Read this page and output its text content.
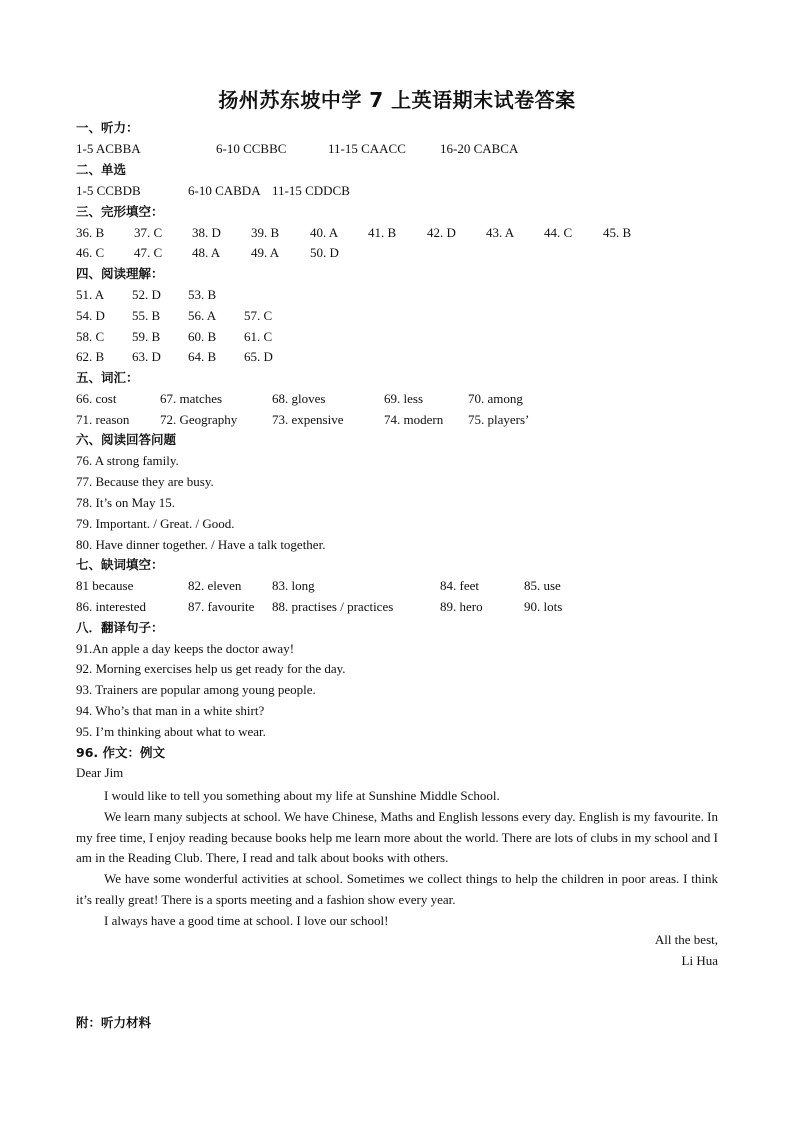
扬州苏东坡中学 7 上英语期末试卷答案
一、听力：
1-5 ACBBA	6-10 CCBBC	11-15 CAACC	16-20 CABCA
二、单选
1-5 CCBDB	6-10 CABDA 11-15 CDDCB
三、完形填空：
36. B 37. C 38. D 39. B 40. A 41. B 42. D 43. A 44. C 45. B
46. C 47. C 48. A 49. A 50. D
四、阅读理解：
51. A 52. D 53. B
54. D 55. B 56. A 57. C
58. C 59. B 60. B 61. C
62. B 63. D 64. B 65. D
五、词汇：
66. cost	67. matches	68. gloves	69. less	70. among
71. reason 72. Geography	73. expensive	74. modern 75. players’
六、阅读回答问题
76. A strong family.
77. Because they are busy.
78. It’s on May 15.
79. Important. / Great. / Good.
80. Have dinner together. / Have a talk together.
七、缺词填空：
81 because	82. eleven 83. long	84. feet	85. use
86. interested	87. favourite 88. practises / practices	89. hero	90. lots
八．翻译句子：
91.An apple a day keeps the doctor away!
92. Morning exercises help us get ready for the day.
93. Trainers are popular among young people.
94. Who’s that man in a white shirt?
95. I’m thinking about what to wear.
96. 作文：例文
Dear Jim

I would like to tell you something about my life at Sunshine Middle School.

We learn many subjects at school. We have Chinese, Maths and English lessons every day. English is my favourite. In my free time, I enjoy reading because books help me learn more about the world. There are lots of clubs in my school and I am in the Reading Club. There, I read and talk about books with others.

We have some wonderful activities at school. Sometimes we collect things to help the children in poor areas. I think it’s really great! There is a sports meeting and a fashion show every year.

I always have a good time at school. I love our school!

All the best,
Li Hua
附：听力材料
